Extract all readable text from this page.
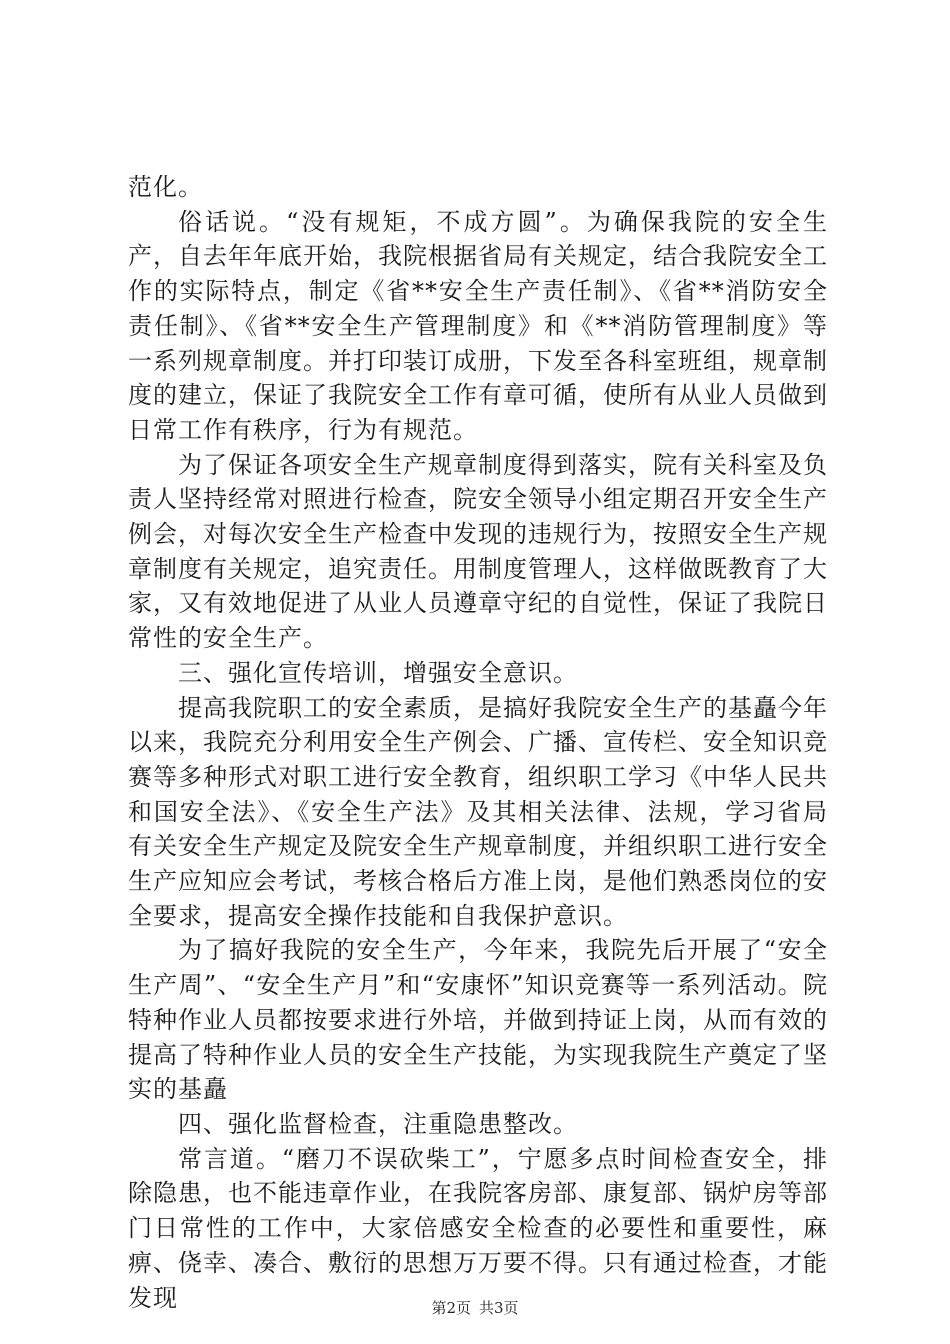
范化。

俗话说。“没有规矩，不成方圆”。为确保我院的安全生产，自去年年底开始，我院根据省局有关规定，结合我院安全工作的实际特点，制定《省**安全生产责任制》、《省**消防安全责任制》、《省**安全生产管理制度》和《**消防管理制度》等一系列规章制度。并打印装订成册，下发至各科室班组，规章制度的建立，保证了我院安全工作有章可循，使所有从业人员做到日常工作有秩序，行为有规范。

为了保证各项安全生产规章制度得到落实，院有关科室及负责人坚持经常对照进行检查，院安全领导小组定期召开安全生产例会，对每次安全生产检查中发现的违规行为，按照安全生产规章制度有关规定，追究责任。用制度管理人，这样做既教育了大家，又有效地促进了从业人员遵章守纪的自觉性，保证了我院日常性的安全生产。

三、强化宣传培训，增强安全意识。

提高我院职工的安全素质，是搞好我院安全生产的基矗今年以来，我院充分利用安全生产例会、广播、宣传栏、安全知识竞赛等多种形式对职工进行安全教育，组织职工学习《中华人民共和国安全法》、《安全生产法》及其相关法律、法规，学习省局有关安全生产规定及院安全生产规章制度，并组织职工进行安全生产应知应会考试，考核合格后方准上岗，是他们熟悉岗位的安全要求，提高安全操作技能和自我保护意识。

为了搞好我院的安全生产，今年来，我院先后开展了“安全生产周”、“安全生产月”和“安康怀”知识竞赛等一系列活动。院特种作业人员都按要求进行外培，并做到持证上岗，从而有效的提高了特种作业人员的安全生产技能，为实现我院生产奠定了坚实的基矗

四、强化监督检查，注重隐患整改。

常言道。“磨刀不误砍柴工”，宁愿多点时间检查安全，排除隐患，也不能违章作业，在我院客房部、康复部、锅炉房等部门日常性的工作中，大家倍感安全检查的必要性和重要性，麻痹、侥幸、凑合、敷衍的思想万万要不得。只有通过检查，才能发现	第2页 共3页
